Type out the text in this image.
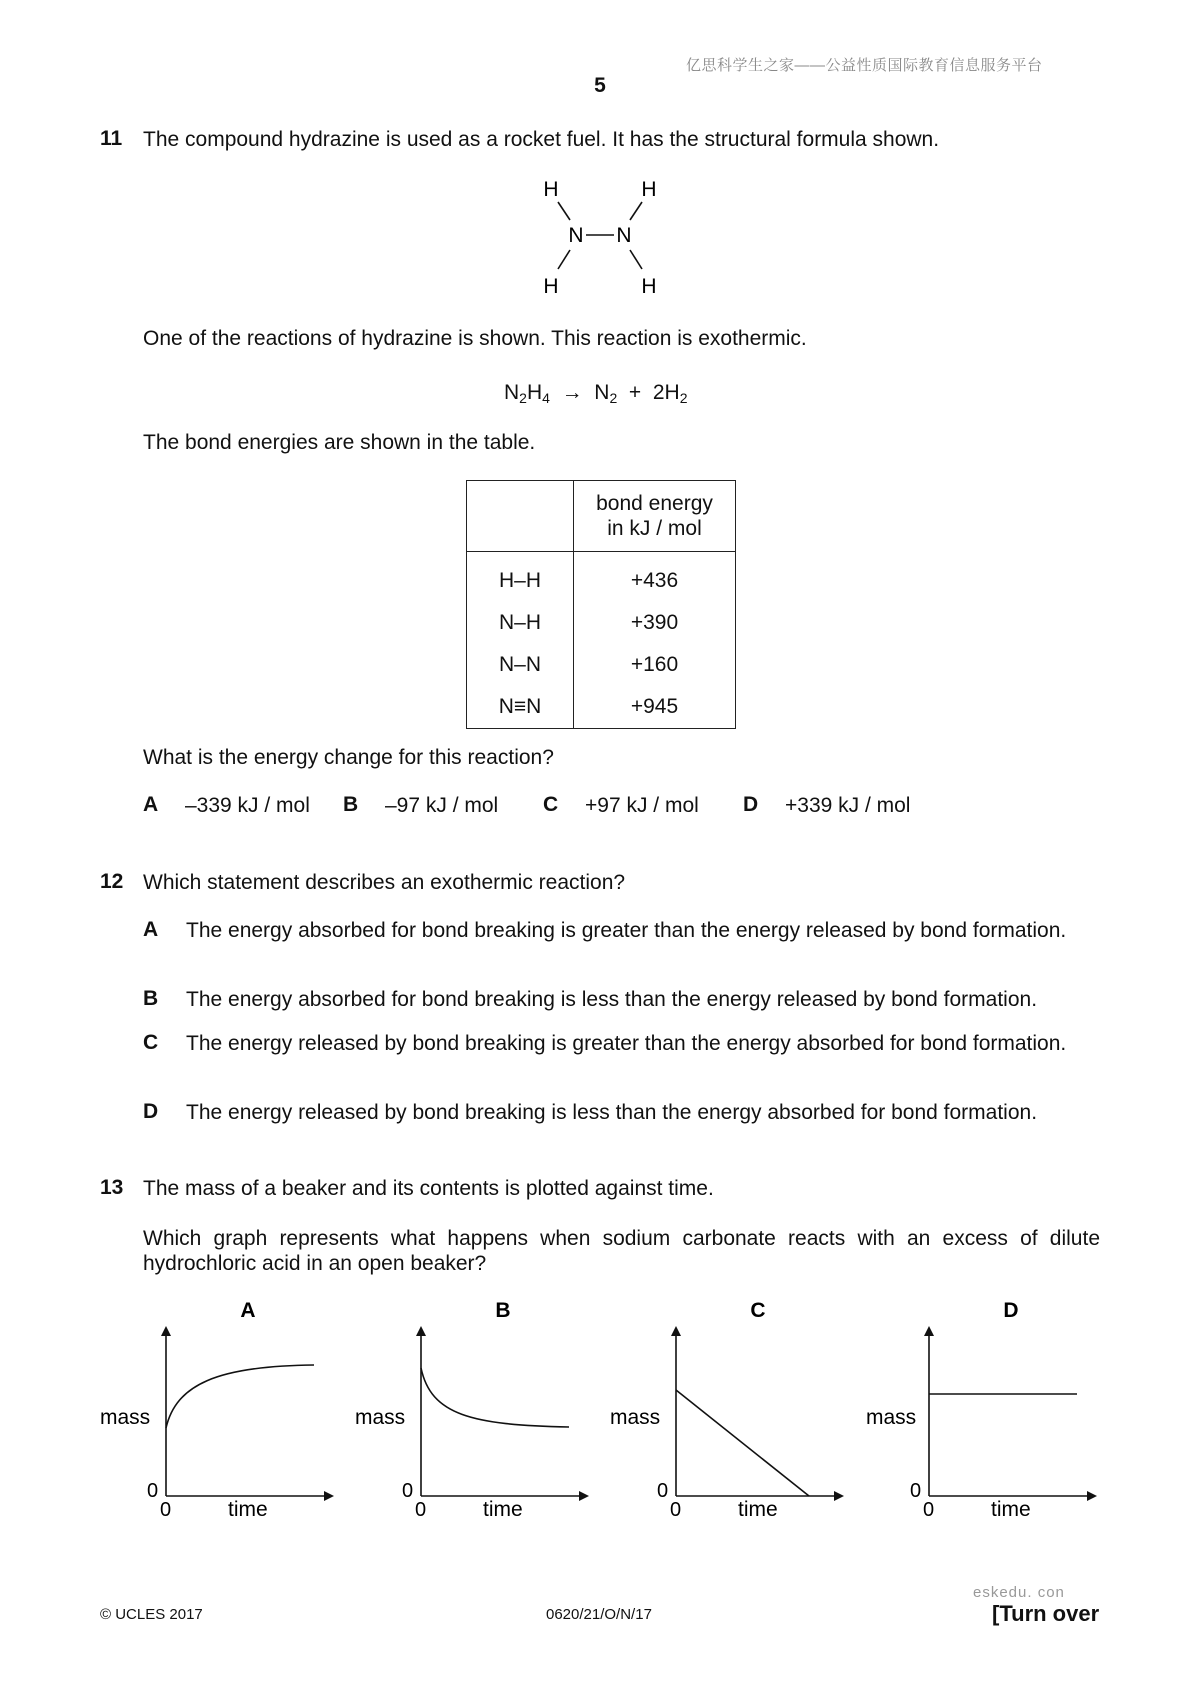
亿思科学生之家——公益性质国际教育信息服务平台
5
11 The compound hydrazine is used as a rocket fuel. It has the structural formula shown.
H	H
N N
H	H
One of the reactions of hydrazine is shown. This reaction is exothermic.
$N_2H_4 \to N_2 + 2H_2$
The bond energies are shown in the table.

	bond energy
in kJ / mol

H–H	+436
N–H	+390
N–N	+160
N≡N	+945
What is the energy change for this reaction?
A –339 kJ / mol B –97 kJ / mol C +97 kJ / mol D +339 kJ / mol
12 Which statement describes an exothermic reaction?
A The energy absorbed for bond breaking is greater than the energy released by bond formation.
B The energy absorbed for bond breaking is less than the energy released by bond formation.
C The energy released by bond breaking is greater than the energy absorbed for bond formation.
D The energy released by bond breaking is less than the energy absorbed for bond formation.
13 The mass of a beaker and its contents is plotted against time.
Which graph represents what happens when sodium carbonate reacts with an excess of dilute hydrochloric acid in an open beaker?
A
mass
0
0	time
B
mass
0
0	time
C
mass
0
0	time
D
mass
0
0	time
eskedu. con
© UCLES 2017	0620/21/O/N/17	[Turn over
